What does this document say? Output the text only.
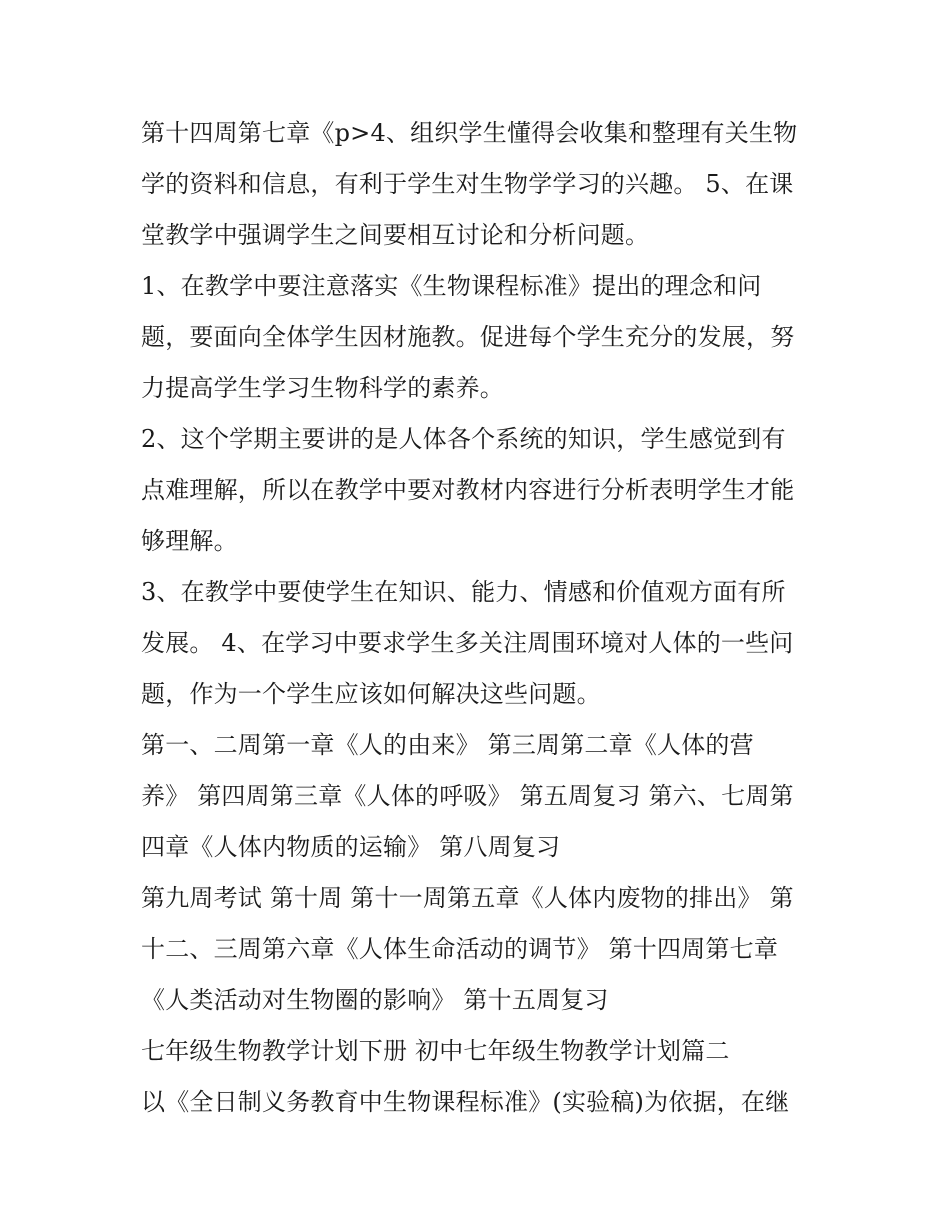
第十四周第七章《p>4、组织学生懂得会收集和整理有关生物
学的资料和信息，有利于学生对生物学学习的兴趣。 5、在课
堂教学中强调学生之间要相互讨论和分析问题。
1、在教学中要注意落实《生物课程标准》提出的理念和问
题，要面向全体学生因材施教。促进每个学生充分的发展，努
力提高学生学习生物科学的素养。
2、这个学期主要讲的是人体各个系统的知识，学生感觉到有
点难理解，所以在教学中要对教材内容进行分析表明学生才能
够理解。
3、在教学中要使学生在知识、能力、情感和价值观方面有所
发展。 4、在学习中要求学生多关注周围环境对人体的一些问
题，作为一个学生应该如何解决这些问题。
第一、二周第一章《人的由来》 第三周第二章《人体的营
养》 第四周第三章《人体的呼吸》 第五周复习 第六、七周第
四章《人体内物质的运输》 第八周复习
第九周考试 第十周 第十一周第五章《人体内废物的排出》 第
十二、三周第六章《人体生命活动的调节》 第十四周第七章
《人类活动对生物圈的影响》 第十五周复习
七年级生物教学计划下册 初中七年级生物教学计划篇二
以《全日制义务教育中生物课程标准》(实验稿)为依据，在继
